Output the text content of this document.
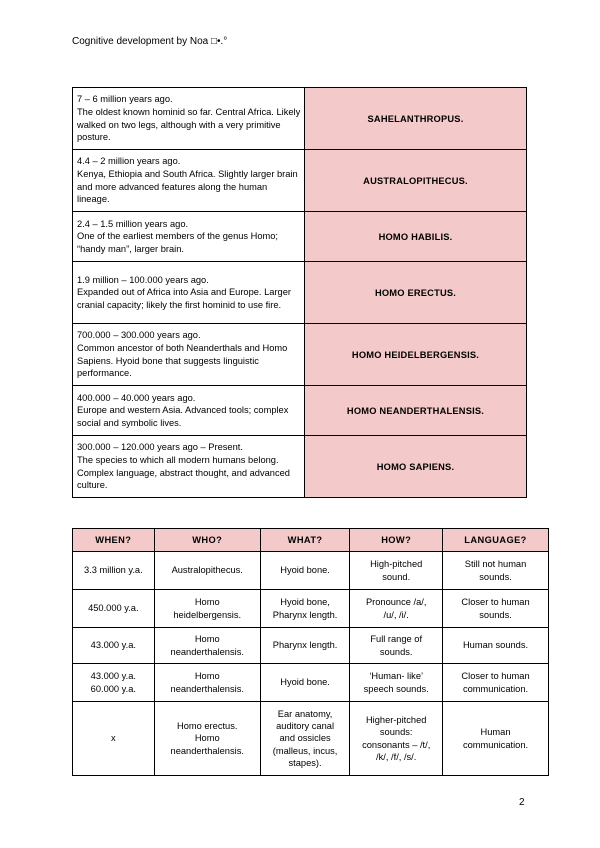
Cognitive development by Noa □•.°
7 – 6 million years ago.
The oldest known hominid so far. Central Africa. Likely walked on two legs, although with a very primitive posture.	SAHELANTHROPUS.

4.4 – 2 million years ago.
Kenya, Ethiopia and South Africa. Slightly larger brain and more advanced features along the human lineage.	AUSTRALOPITHECUS.

2.4 – 1.5 million years ago.
One of the earliest members of the genus Homo; “handy man”, larger brain.	HOMO HABILIS.

1.9 million – 100.000 years ago.
Expanded out of Africa into Asia and Europe. Larger cranial capacity; likely the first hominid to use fire.	HOMO ERECTUS.

700.000 – 300.000 years ago.
Common ancestor of both Neanderthals and Homo Sapiens. Hyoid bone that suggests linguistic performance.	HOMO HEIDELBERGENSIS.

400.000 – 40.000 years ago.
Europe and western Asia. Advanced tools; complex social and symbolic lives.	HOMO NEANDERTHALENSIS.

300.000 – 120.000 years ago – Present.
The species to which all modern humans belong. Complex language, abstract thought, and advanced culture.	HOMO SAPIENS.
WHEN?	WHO?	WHAT?	HOW?	LANGUAGE?

3.3 million y.a.	Australopithecus.	Hyoid bone.	High-pitched
sound.	Still not human
sounds.

450.000 y.a.	Homo
heidelbergensis.	Hyoid bone,
Pharynx length.	Pronounce /a/,
/u/, /i/.	Closer to human
sounds.

43.000 y.a.	Homo
neanderthalensis.	Pharynx length.	Full range of
sounds.	Human sounds.

43.000 y.a.
60.000 y.a.	Homo
neanderthalensis.	Hyoid bone.	‘Human- like’
speech sounds.	Closer to human
communication.

x	Homo erectus.
Homo
neanderthalensis.	Ear anatomy,
auditory canal
and ossicles
(malleus, incus,
stapes).	Higher-pitched
sounds:
consonants – /t/,
/k/, /f/, /s/.	Human
communication.
2
